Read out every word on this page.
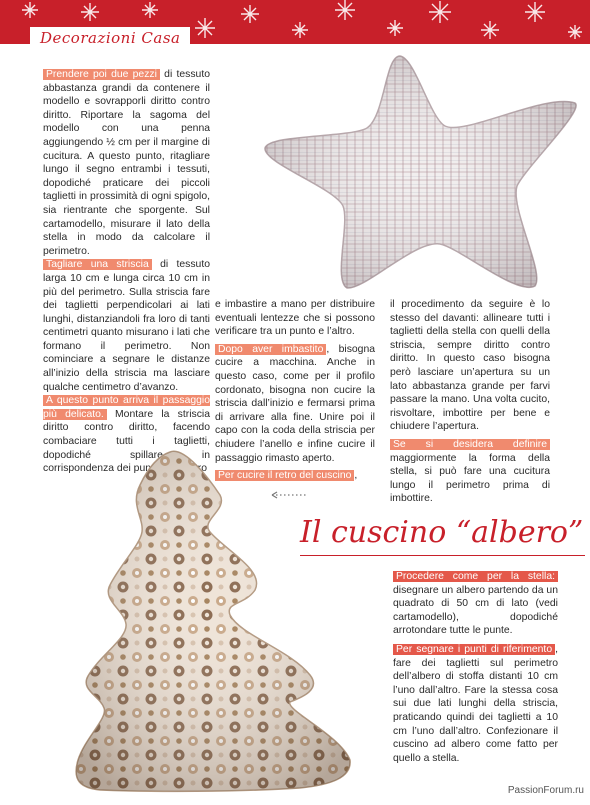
Decorazioni Casa

Prendere poi due pezzi di tessuto abbastanza grandi da contenere il modello e sovrapporli diritto contro diritto. Riportare la sagoma del modello con una penna aggiungendo ½ cm per il margine di cucitura. A questo punto, ritagliare lungo il segno entrambi i tessuti, dopodiché praticare dei piccoli taglietti in prossimità di ogni spigolo, sia rientrante che sporgente. Sul cartamodello, misurare il lato della stella in modo da calcolare il perimetro.

Tagliare una striscia di tessuto larga 10 cm e lunga circa 10 cm in più del perimetro. Sulla striscia fare dei taglietti perpendicolari ai lati lunghi, distanziandoli fra loro di tanti centimetri quanto misurano i lati che formano il perimetro. Non cominciare a segnare le distanze all’inizio della striscia ma lasciare qualche centimetro d’avanzo.

A questo punto arriva il passaggio più delicato. Montare la striscia diritto contro diritto, facendo combaciare tutti i taglietti, dopodiché spillare in corrispondenza dei punti di incontro

e imbastire a mano per distribuire eventuali lentezze che si possono verificare tra un punto e l’altro.

Dopo aver imbastito , bisogna cucire a macchina. Anche in questo caso, come per il profilo cordonato, bisogna non cucire la striscia dall’inizio e fermarsi prima di arrivare alla fine. Unire poi il capo con la coda della striscia per chiudere l’anello e infine cucire il passaggio rimasto aperto.

Per cucire il retro del cuscino ,

il procedimento da seguire è lo stesso del davanti: allineare tutti i taglietti della stella con quelli della striscia, sempre diritto contro diritto. In questo caso bisogna però lasciare un’apertura su un lato abbastanza grande per farvi passare la mano. Una volta cucito, risvoltare, imbottire per bene e chiudere l’apertura.

Se si desidera definire maggiormente la forma della stella, si può fare una cucitura lungo il perimetro prima di imbottire.

Il cuscino “albero”

Procedere come per la stella: disegnare un albero partendo da un quadrato di 50 cm di lato (vedi cartamodello), dopodiché arrotondare tutte le punte.

Per segnare i punti di riferimento , fare dei taglietti sul perimetro dell’albero di stoffa distanti 10 cm l’uno dall’altro. Fare la stessa cosa sui due lati lunghi della striscia, praticando quindi dei taglietti a 10 cm l’uno dall’altro. Confezionare il cuscino ad albero come fatto per quello a stella.

PassionForum.ru
